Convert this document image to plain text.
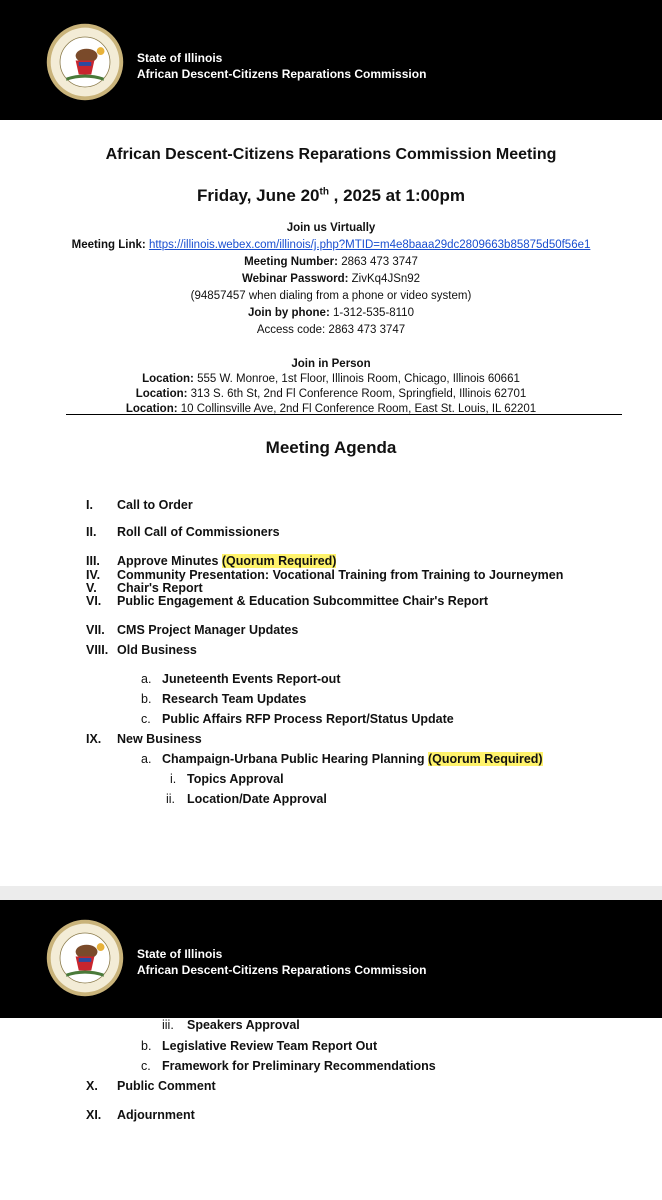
State of Illinois
African Descent-Citizens Reparations Commission
African Descent-Citizens Reparations Commission Meeting
Friday, June 20th , 2025 at 1:00pm
Join us Virtually
Meeting Link: https://illinois.webex.com/illinois/j.php?MTID=m4e8baaa29dc2809663b85875d50f56e1
Meeting Number: 2863 473 3747
Webinar Password: ZivKq4JSn92
(94857457 when dialing from a phone or video system)
Join by phone: 1-312-535-8110
Access code: 2863 473 3747
Join in Person
Location: 555 W. Monroe, 1st Floor, Illinois Room, Chicago, Illinois 60661
Location: 313 S. 6th St, 2nd Fl Conference Room, Springfield, Illinois 62701
Location: 10 Collinsville Ave, 2nd Fl Conference Room, East St. Louis, IL 62201
Meeting Agenda
I. Call to Order
II. Roll Call of Commissioners
III. Approve Minutes (Quorum Required)
IV. Community Presentation: Vocational Training from Training to Journeymen
V. Chair's Report
VI. Public Engagement & Education Subcommittee Chair's Report
VII. CMS Project Manager Updates
VIII. Old Business
a. Juneteenth Events Report-out
b. Research Team Updates
c. Public Affairs RFP Process Report/Status Update
IX. New Business
a. Champaign-Urbana Public Hearing Planning (Quorum Required)
i. Topics Approval
ii. Location/Date Approval
State of Illinois
African Descent-Citizens Reparations Commission
iii. Speakers Approval
b. Legislative Review Team Report Out
c. Framework for Preliminary Recommendations
X. Public Comment
XI. Adjournment
